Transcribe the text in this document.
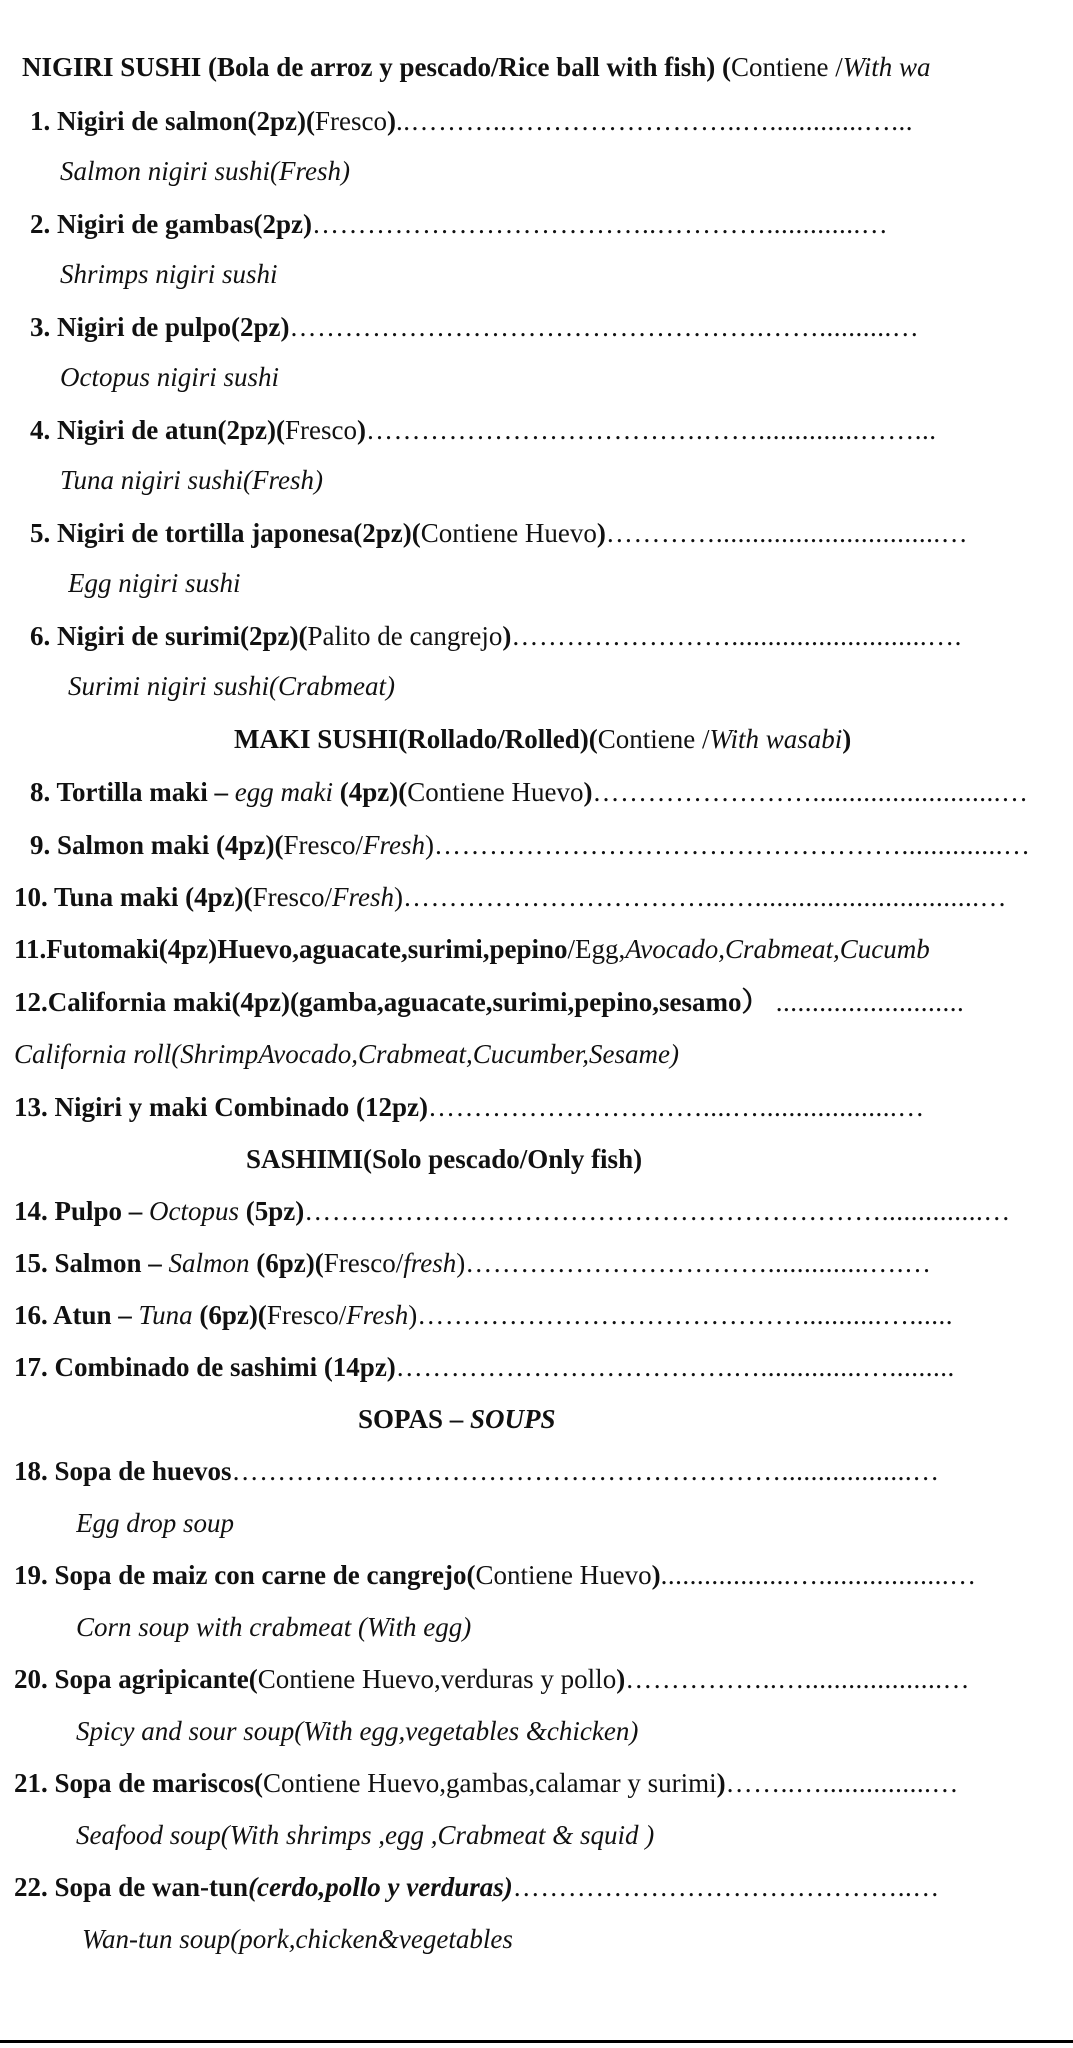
NIGIRI SUSHI (Bola de arroz y pescado/Rice ball with fish) (Contiene /With wa
1. Nigiri de salmon(2pz)(Fresco)..………..……………………..….............…...
Salmon nigiri sushi(Fresh)
2. Nigiri de gambas(2pz)………………………………..………….............…
Shrimps nigiri sushi
3. Nigiri de pulpo(2pz)…………………………………………….……..........…
Octopus nigiri sushi
4. Nigiri de atun(2pz)(Fresco)……………………………….……..............……...
Tuna nigiri sushi(Fresh)
5. Nigiri de tortilla japonesa(2pz)(Contiene Huevo)…………...............................…
Egg nigiri sushi
6. Nigiri de surimi(2pz)(Palito de cangrejo)……………………...........................….
Surimi nigiri sushi(Crabmeat)
MAKI SUSHI(Rollado/Rolled)(Contiene /With wasabi)
8. Tortilla maki – egg maki (4pz)(Contiene Huevo)……………………..........................…
9. Salmon maki (4pz)(Fresco/Fresh)……………………………………………..............…
10. Tuna maki (4pz)(Fresco/Fresh)……………………………...…...............................…
11.Futomaki(4pz)Huevo,aguacate,surimi,pepino/Egg,Avocado,Crabmeat,Cucumb
12.California maki(4pz)(gamba,aguacate,surimi,pepino,sesamo） ..........................
California roll(ShrimpAvocado,Crabmeat,Cucumber,Sesame)
13. Nigiri y maki Combinado (12pz)…………………………....…...................…
SASHIMI(Solo pescado/Only fish)
14. Pulpo – Octopus (5pz)………………………………………………………..............…
15. Salmon – Salmon (6pz)(Fresco/fresh)……………………………..............….…
16. Atun – Tuna (6pz)(Fresco/Fresh)……………………………………...........…......
17. Combinado de sashimi (14pz)……………………………….…..............….........
SOPAS – SOUPS
18. Sopa de huevos……………………………………………………..................…
Egg drop soup
19. Sopa de maiz con carne de cangrejo(Contiene Huevo)..................…..................…
Corn soup with crabmeat (With egg)
20. Sopa agripicante(Contiene Huevo,verduras y pollo)……………..…...................…
Spicy and sour soup(With egg,vegetables &chicken)
21. Sopa de mariscos(Contiene Huevo,gambas,calamar y surimi)……..…...............…
Seafood soup(With shrimps ,egg ,Crabmeat & squid )
22. Sopa de wan-tun(cerdo,pollo y verduras)……………………………………..…
Wan-tun soup(pork,chicken&vegetables
